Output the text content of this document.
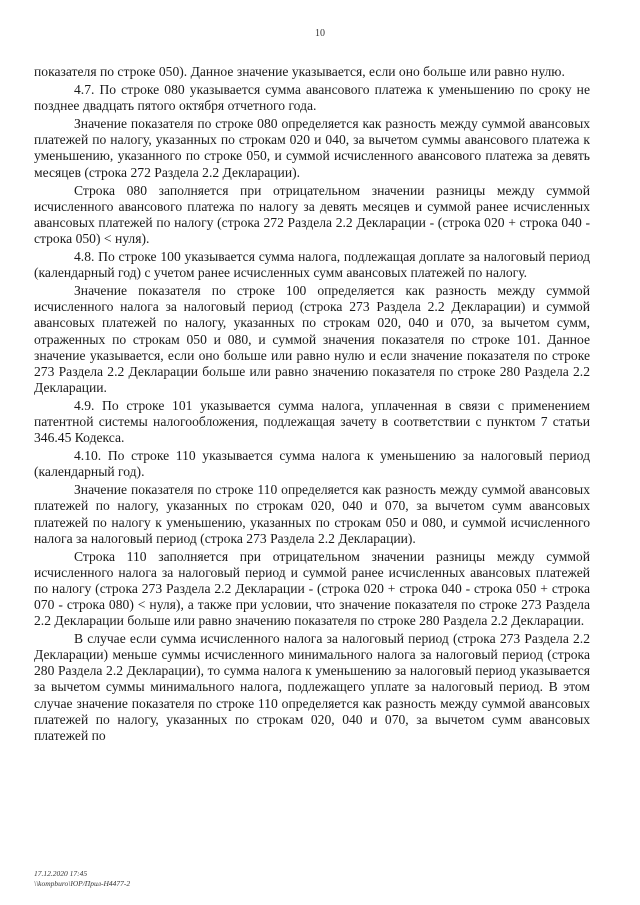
10

показателя по строке 050). Данное значение указывается, если оно больше или равно нулю.

4.7. По строке 080 указывается сумма авансового платежа к уменьшению по сроку не позднее двадцать пятого октября отчетного года.

Значение показателя по строке 080 определяется как разность между суммой авансовых платежей по налогу, указанных по строкам 020 и 040, за вычетом суммы авансового платежа к уменьшению, указанного по строке 050, и суммой исчисленного авансового платежа за девять месяцев (строка 272 Раздела 2.2 Декларации).

Строка 080 заполняется при отрицательном значении разницы между суммой исчисленного авансового платежа по налогу за девять месяцев и суммой ранее исчисленных авансовых платежей по налогу (строка 272 Раздела 2.2 Декларации - (строка 020 + строка 040 - строка 050) < нуля).

4.8. По строке 100 указывается сумма налога, подлежащая доплате за налоговый период (календарный год) с учетом ранее исчисленных сумм авансовых платежей по налогу.

Значение показателя по строке 100 определяется как разность между суммой исчисленного налога за налоговый период (строка 273 Раздела 2.2 Декларации) и суммой авансовых платежей по налогу, указанных по строкам 020, 040 и 070, за вычетом сумм, отраженных по строкам 050 и 080, и суммой значения показателя по строке 101. Данное значение указывается, если оно больше или равно нулю и если значение показателя по строке 273 Раздела 2.2 Декларации больше или равно значению показателя по строке 280 Раздела 2.2 Декларации.

4.9. По строке 101 указывается сумма налога, уплаченная в связи с применением патентной системы налогообложения, подлежащая зачету в соответствии с пунктом 7 статьи 346.45 Кодекса.

4.10. По строке 110 указывается сумма налога к уменьшению за налоговый период (календарный год).

Значение показателя по строке 110 определяется как разность между суммой авансовых платежей по налогу, указанных по строкам 020, 040 и 070, за вычетом сумм авансовых платежей по налогу к уменьшению, указанных по строкам 050 и 080, и суммой исчисленного налога за налоговый период (строка 273 Раздела 2.2 Декларации).

Строка 110 заполняется при отрицательном значении разницы между суммой исчисленного налога за налоговый период и суммой ранее исчисленных авансовых платежей по налогу (строка 273 Раздела 2.2 Декларации - (строка 020 + строка 040 - строка 050 + строка 070 - строка 080) < нуля), а также при условии, что значение показателя по строке 273 Раздела 2.2 Декларации больше или равно значению показателя по строке 280 Раздела 2.2 Декларации.

В случае если сумма исчисленного налога за налоговый период (строка 273 Раздела 2.2 Декларации) меньше суммы исчисленного минимального налога за налоговый период (строка 280 Раздела 2.2 Декларации), то сумма налога к уменьшению за налоговый период указывается за вычетом суммы минимального налога, подлежащего уплате за налоговый период. В этом случае значение показателя по строке 110 определяется как разность между суммой авансовых платежей по налогу, указанных по строкам 020, 040 и 070, за вычетом сумм авансовых платежей по

17.12.2020 17:45
\\kompburo\ЮР/Прил-Н4477-2
